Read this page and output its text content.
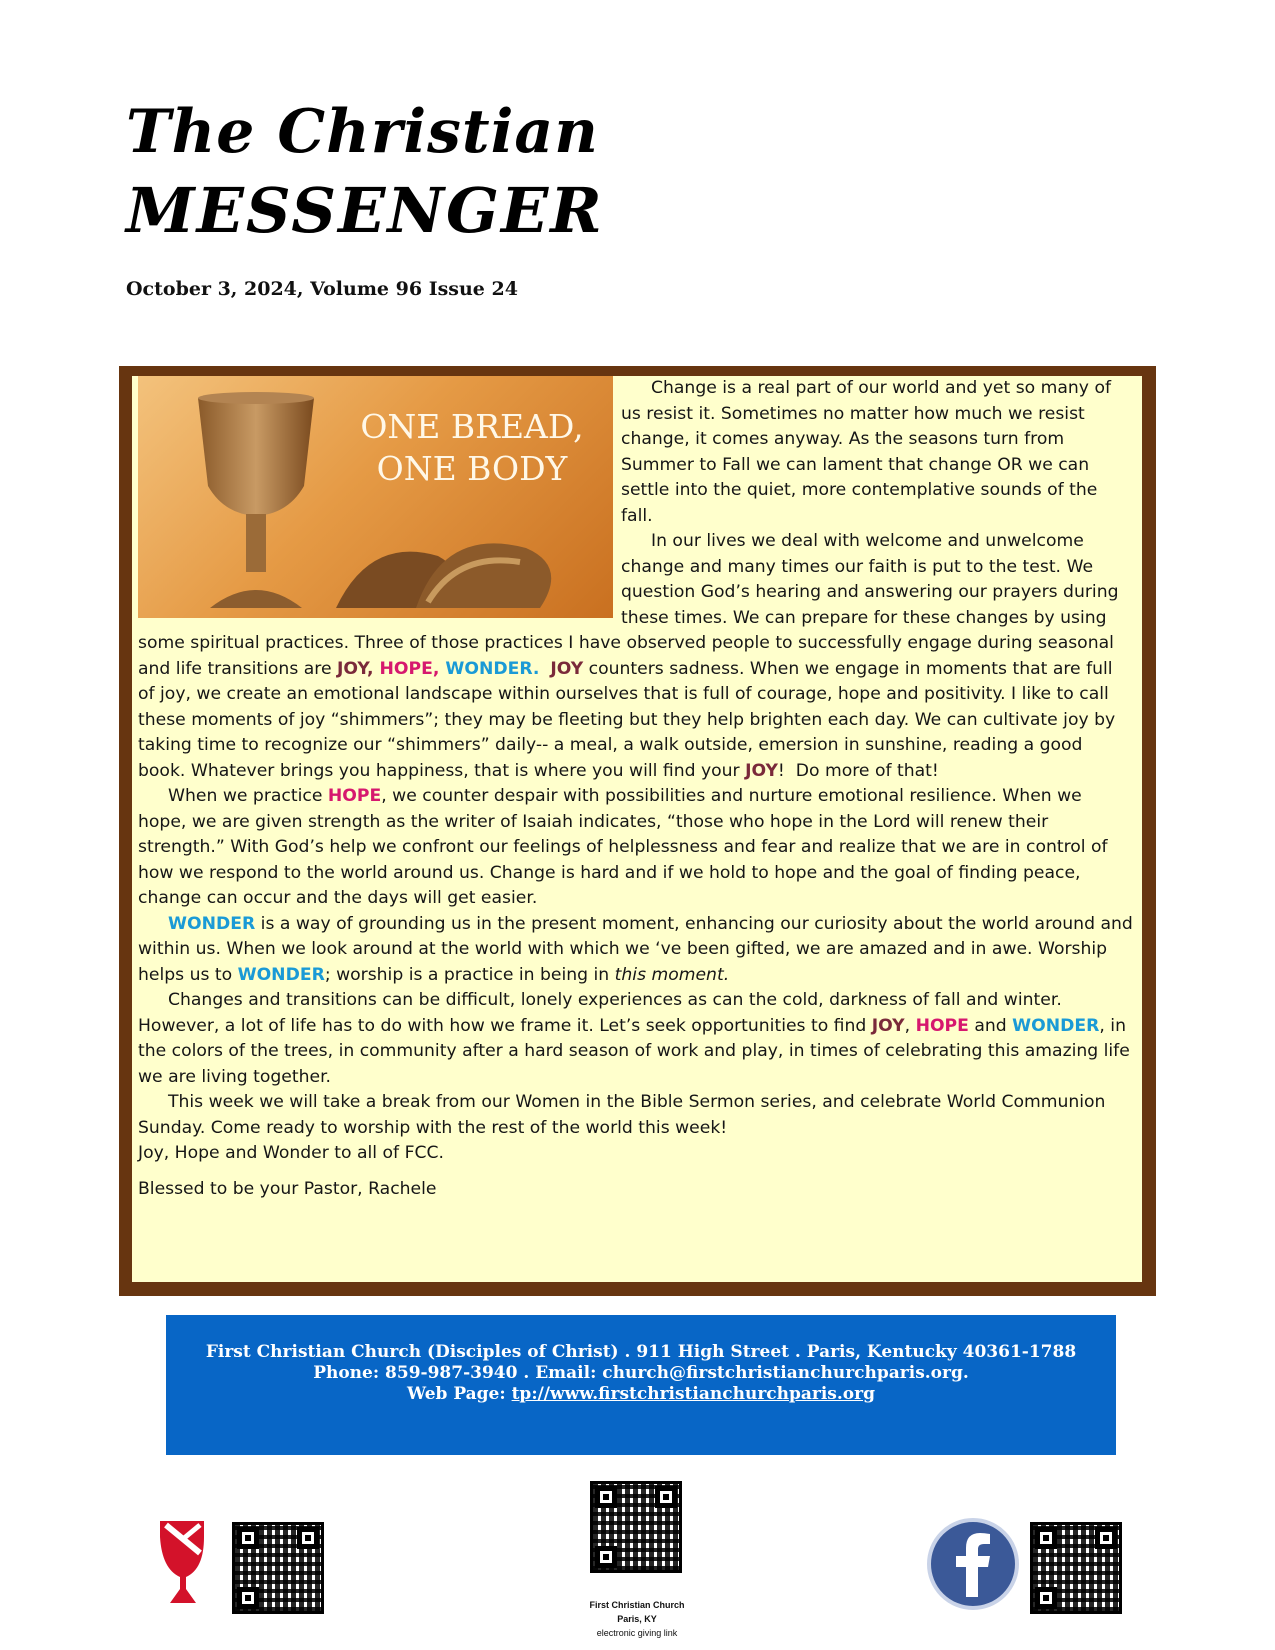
The Christian
MESSENGER
October 3, 2024, Volume 96 Issue 24
ONE BREAD,
ONE BODY

Change is a real part of our world and yet so many of us resist it. Sometimes no matter how much we resist change, it comes anyway. As the seasons turn from Summer to Fall we can lament that change OR we can settle into the quiet, more contemplative sounds of the fall.

In our lives we deal with welcome and unwelcome change and many times our faith is put to the test. We question God’s hearing and answering our prayers during these times. We can prepare for these changes by using some spiritual practices. Three of those practices I have observed people to successfully engage during seasonal and life transitions are JOY, HOPE, WONDER. JOY counters sadness. When we engage in moments that are full of joy, we create an emotional landscape within ourselves that is full of courage, hope and positivity. I like to call these moments of joy “shimmers”; they may be fleeting but they help brighten each day. We can cultivate joy by taking time to recognize our “shimmers” daily-- a meal, a walk outside, emersion in sunshine, reading a good book. Whatever brings you happiness, that is where you will find your JOY!  Do more of that!

When we practice HOPE, we counter despair with possibilities and nurture emotional resilience. When we hope, we are given strength as the writer of Isaiah indicates, “those who hope in the Lord will renew their strength.” With God’s help we confront our feelings of helplessness and fear and realize that we are in control of how we respond to the world around us. Change is hard and if we hold to hope and the goal of finding peace, change can occur and the days will get easier.

WONDER is a way of grounding us in the present moment, enhancing our curiosity about the world around and within us. When we look around at the world with which we ‘ve been gifted, we are amazed and in awe. Worship helps us to WONDER; worship is a practice in being in this moment.

Changes and transitions can be difficult, lonely experiences as can the cold, darkness of fall and winter. However, a lot of life has to do with how we frame it. Let’s seek opportunities to find JOY, HOPE and WONDER, in the colors of the trees, in community after a hard season of work and play, in times of celebrating this amazing life we are living together.

This week we will take a break from our Women in the Bible Sermon series, and celebrate World Communion Sunday. Come ready to worship with the rest of the world this week!

Joy, Hope and Wonder to all of FCC.

Blessed to be your Pastor, Rachele

First Christian Church (Disciples of Christ) . 911 High Street . Paris, Kentucky 40361-1788
Phone: 859-987-3940 . Email: church@firstchristianchurchparis.org.
Web Page: tp://www.firstchristianchurchparis.org
First Christian Church
Paris, KY
electronic giving link
